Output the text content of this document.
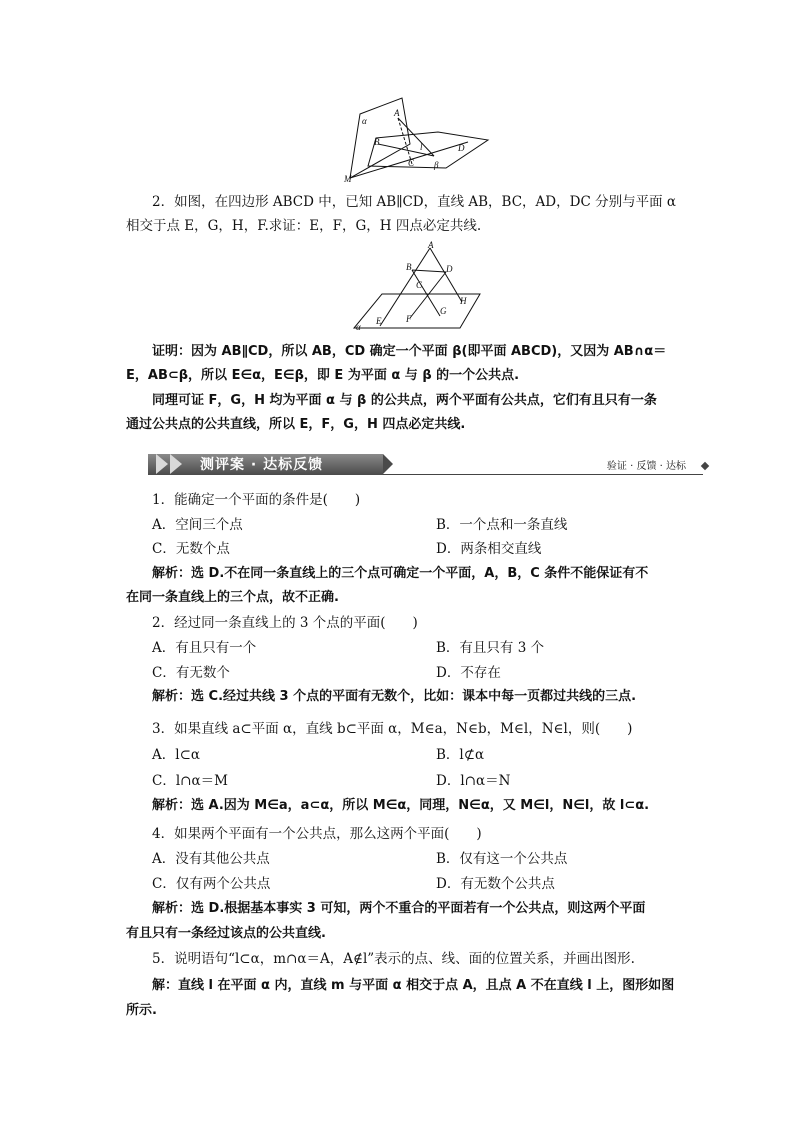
α
A
B	l
C
D
β
M
2．如图，在四边形 ABCD 中，已知 AB∥CD，直线 AB，BC，AD，DC 分别与平面 α
相交于点 E，G，H，F.求证：E，F，G，H 四点必定共线.
A
B	D
C
H
G
F
E
α
证明：因为 AB∥CD，所以 AB，CD 确定一个平面 β(即平面 ABCD)，又因为 AB∩α＝
E，AB⊂β，所以 E∈α，E∈β，即 E 为平面 α 与 β 的一个公共点.
同理可证 F，G，H 均为平面 α 与 β 的公共点，两个平面有公共点，它们有且只有一条
通过公共点的公共直线，所以 E，F，G，H 四点必定共线.
测评案 · 达标反馈	验证 · 反馈 · 达标
1．能确定一个平面的条件是(　　)
A．空间三个点	B．一个点和一条直线
C．无数个点	D．两条相交直线
解析：选 D.不在同一条直线上的三个点可确定一个平面，A，B，C 条件不能保证有不
在同一条直线上的三个点，故不正确.
2．经过同一条直线上的 3 个点的平面(　　)
A．有且只有一个	B．有且只有 3 个
C．有无数个	D．不存在
解析：选 C.经过共线 3 个点的平面有无数个，比如：课本中每一页都过共线的三点.
3．如果直线 a⊂平面 α，直线 b⊂平面 α，M∈a，N∈b，M∈l，N∈l，则(　　)
A．l⊂α	B．l⊄α
C．l∩α＝M	D．l∩α＝N
解析：选 A.因为 M∈a，a⊂α，所以 M∈α，同理，N∈α，又 M∈l，N∈l，故 l⊂α.
4．如果两个平面有一个公共点，那么这两个平面(　　)
A．没有其他公共点	B．仅有这一个公共点
C．仅有两个公共点	D．有无数个公共点
解析：选 D.根据基本事实 3 可知，两个不重合的平面若有一个公共点，则这两个平面
有且只有一条经过该点的公共直线.
5．说明语句“l⊂α，m∩α＝A，A∉l”表示的点、线、面的位置关系，并画出图形.
解：直线 l 在平面 α 内，直线 m 与平面 α 相交于点 A，且点 A 不在直线 l 上，图形如图
所示.
